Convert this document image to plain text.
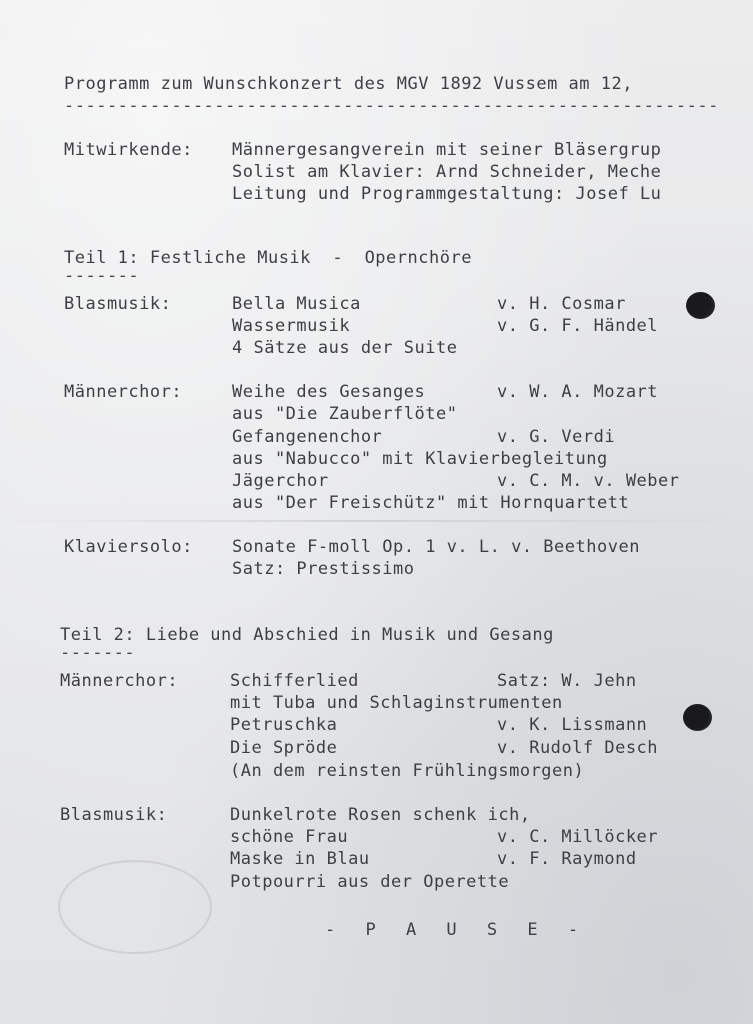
Programm zum Wunschkonzert des MGV 1892 Vussem am 12,
-------------------------------------------------------------
Mitwirkende: Männergesangverein mit seiner Bläsergrup
Solist am Klavier: Arnd Schneider, Meche
Leitung und Programmgestaltung: Josef Lu
Teil 1: Festliche Musik  -  Opernchöre
-------
Blasmusik:	Bella Musica	v. H. Cosmar
Wassermusik	v. G. F. Händel
4 Sätze aus der Suite
Männerchor:	Weihe des Gesanges	v. W. A. Mozart
aus "Die Zauberflöte"
Gefangenenchor	v. G. Verdi
aus "Nabucco" mit Klavierbegleitung
Jägerchor	v. C. M. v. Weber
aus "Der Freischütz" mit Hornquartett
Klaviersolo: Sonate F-moll Op. 1 v. L. v. Beethoven
Satz: Prestissimo
Teil 2: Liebe und Abschied in Musik und Gesang
-------
Männerchor:	Schifferlied	Satz: W. Jehn
mit Tuba und Schlaginstrumenten
Petruschka	v. K. Lissmann
Die Spröde	v. Rudolf Desch
(An dem reinsten Frühlingsmorgen)
Blasmusik:	Dunkelrote Rosen schenk ich,
schöne Frau	v. C. Millöcker
Maske in Blau	v. F. Raymond
Potpourri aus der Operette
- P A U S E -
